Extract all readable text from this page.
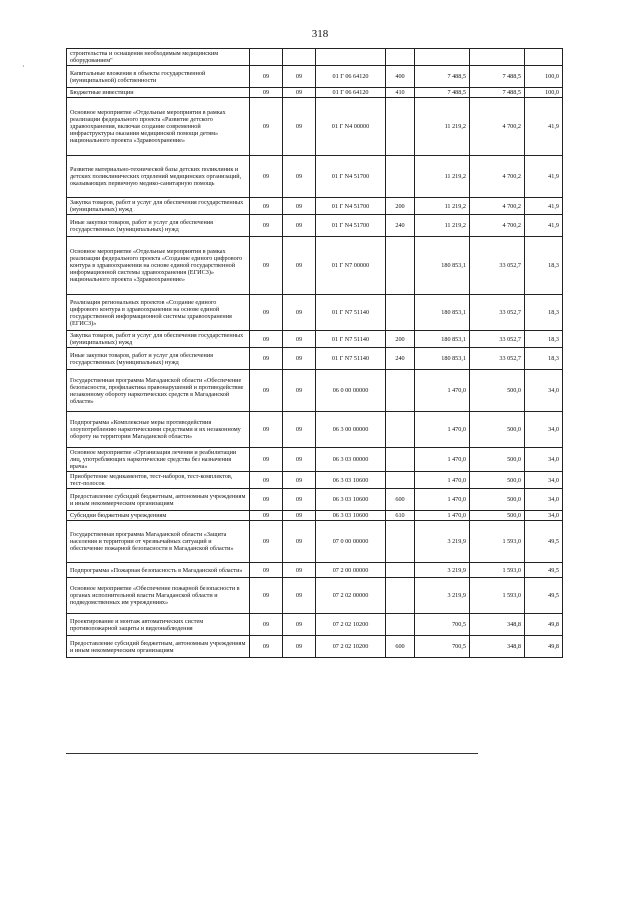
318
·
строительства и оснащения необходимым медицинским оборудованием"							
Капитальные вложения в объекты государственной (муниципальной) собственности	09	09	01 Г 06 64120	400	7 488,5	7 488,5	100,0
Бюджетные инвестиции	09	09	01 Г 06 64120	410	7 488,5	7 488,5	100,0
Основное мероприятие «Отдельные мероприятия в рамках реализации федерального проекта «Развитие детского здравоохранения, включая создание современной инфраструктуры оказания медицинской помощи детям» национального проекта «Здравоохранение»	09	09	01 Г N4 00000		11 219,2	4 700,2	41,9
Развитие материально-технической базы детских поликлиник и детских поликлинических отделений медицинских организаций, оказывающих первичную медико-санитарную помощь	09	09	01 Г N4 51700		11 219,2	4 700,2	41,9
Закупка товаров, работ и услуг для обеспечения государственных (муниципальных) нужд	09	09	01 Г N4 51700	200	11 219,2	4 700,2	41,9
Иные закупки товаров, работ и услуг для обеспечения государственных (муниципальных) нужд	09	09	01 Г N4 51700	240	11 219,2	4 700,2	41,9
Основное мероприятие «Отдельные мероприятия в рамках реализации федерального проекта «Создание единого цифрового контура в здравоохранении на основе единой государственной информационной системы здравоохранения (ЕГИСЗ)» национального проекта «Здравоохранение»	09	09	01 Г N7 00000		180 853,1	33 052,7	18,3
Реализация региональных проектов «Создание единого цифрового контура в здравоохранении на основе единой государственной информационной системы здравоохранения (ЕГИСЗ)»	09	09	01 Г N7 51140		180 853,1	33 052,7	18,3
Закупка товаров, работ и услуг для обеспечения государственных (муниципальных) нужд	09	09	01 Г N7 51140	200	180 853,1	33 052,7	18,3
Иные закупки товаров, работ и услуг для обеспечения государственных (муниципальных) нужд	09	09	01 Г N7 51140	240	180 853,1	33 052,7	18,3
Государственная программа Магаданской области «Обеспечение безопасности, профилактика правонарушений и противодействие незаконному обороту наркотических средств в Магаданской области»	09	09	06 0 00 00000		1 470,0	500,0	34,0
Подпрограмма «Комплексные меры противодействия злоупотреблению наркотическими средствами и их незаконному обороту на территории Магаданской области»	09	09	06 3 00 00000		1 470,0	500,0	34,0
Основное мероприятие «Организация лечения и реабилитации лиц, употребляющих наркотические средства без назначения врача»	09	09	06 3 03 00000		1 470,0	500,0	34,0
Приобретение медикаментов, тест-наборов, тест-комплектов, тест-полосок	09	09	06 3 03 10600		1 470,0	500,0	34,0
Предоставление субсидий бюджетным, автономным учреждениям и иным некоммерческим организациям	09	09	06 3 03 10600	600	1 470,0	500,0	34,0
Субсидии бюджетным учреждениям	09	09	06 3 03 10600	610	1 470,0	500,0	34,0
Государственная программа Магаданской области «Защита населения и территории от чрезвычайных ситуаций и обеспечение пожарной безопасности в Магаданской области»	09	09	07 0 00 00000		3 219,9	1 593,0	49,5
Подпрограмма «Пожарная безопасность в Магаданской области»	09	09	07 2 00 00000		3 219,9	1 593,0	49,5
Основное мероприятие «Обеспечение пожарной безопасности в органах исполнительной власти Магаданской области и подведомственных им учреждениях»	09	09	07 2 02 00000		3 219,9	1 593,0	49,5
Проектирование и монтаж автоматических систем противопожарной защиты и видеонаблюдения	09	09	07 2 02 10200		700,5	348,8	49,8
Предоставление субсидий бюджетным, автономным учреждениям и иным некоммерческим организациям	09	09	07 2 02 10200	600	700,5	348,8	49,8
